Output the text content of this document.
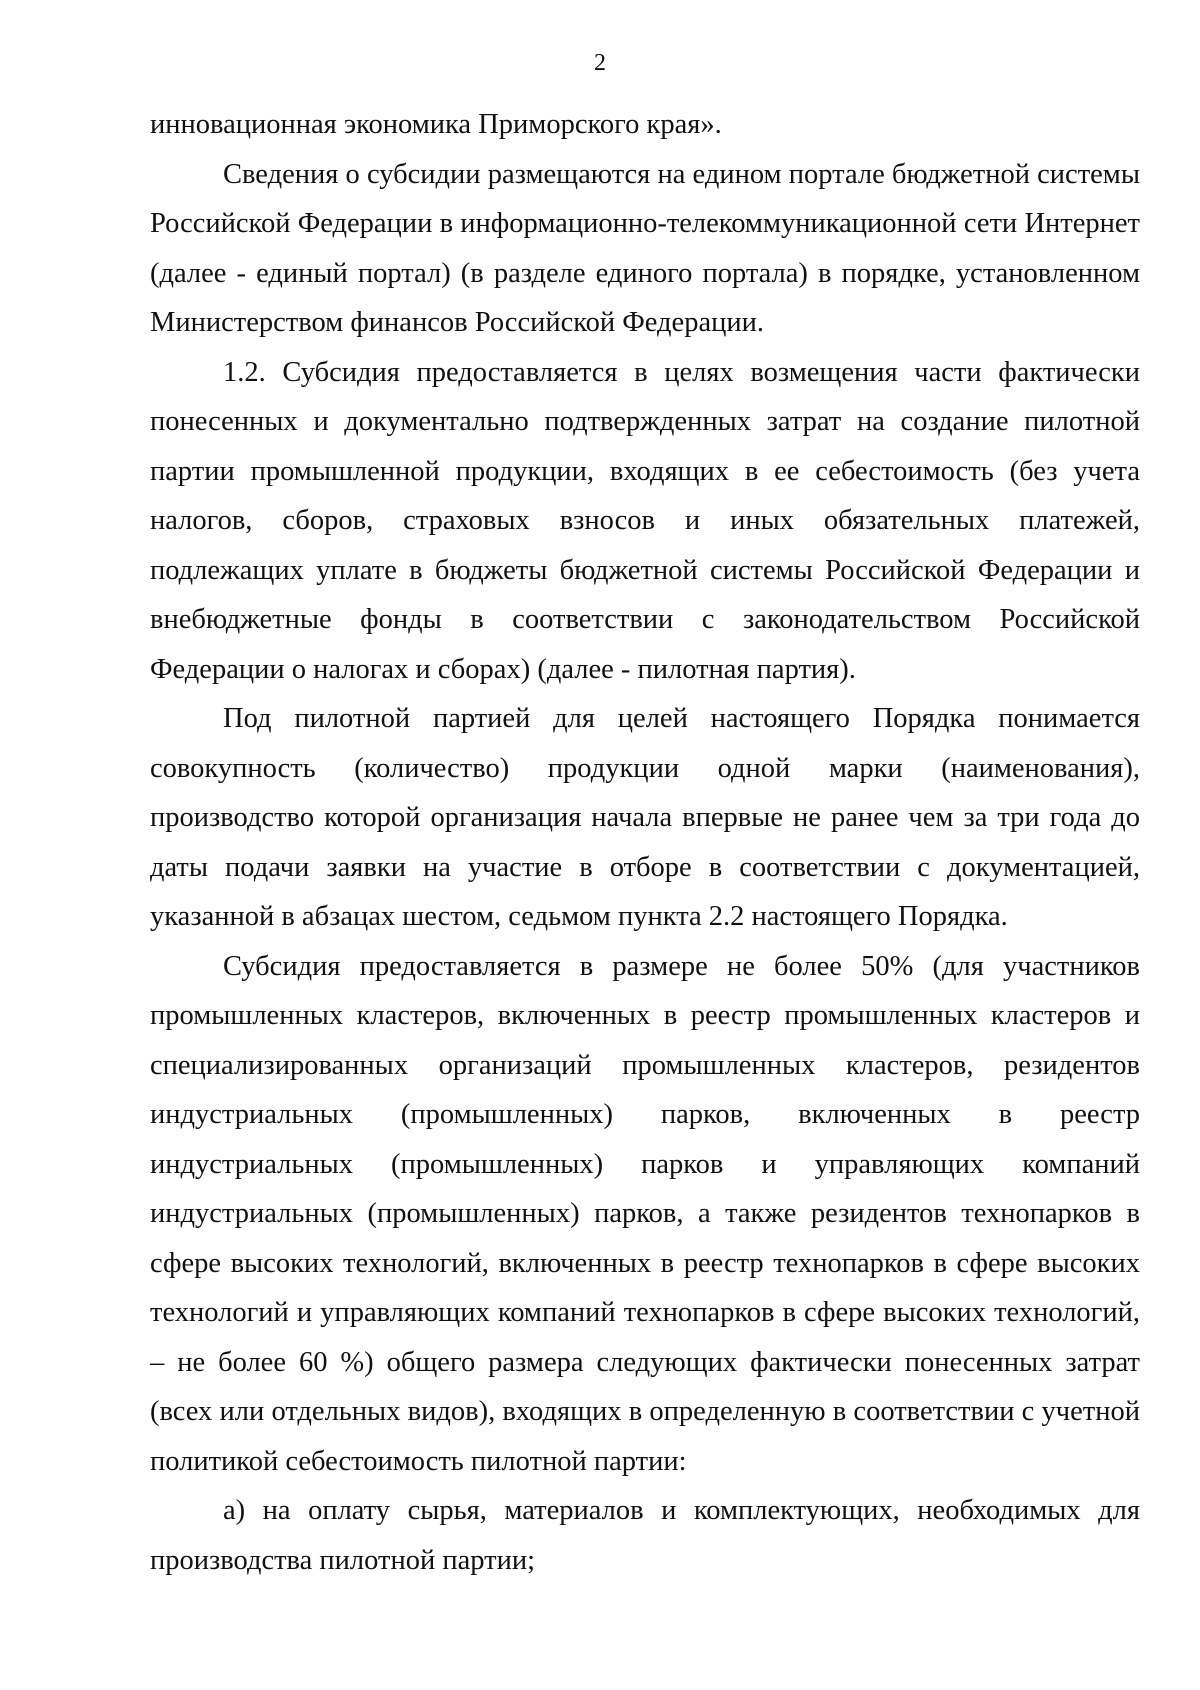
2

инновационная экономика Приморского края».

Сведения о субсидии размещаются на едином портале бюджетной системы Российской Федерации в информационно-телекоммуникационной сети Интернет (далее - единый портал) (в разделе единого портала) в порядке, установленном Министерством финансов Российской Федерации.

1.2. Субсидия предоставляется в целях возмещения части фактически понесенных и документально подтвержденных затрат на создание пилотной партии промышленной продукции, входящих в ее себестоимость (без учета налогов, сборов, страховых взносов и иных обязательных платежей, подлежащих уплате в бюджеты бюджетной системы Российской Федерации и внебюджетные фонды в соответствии с законодательством Российской Федерации о налогах и сборах) (далее - пилотная партия).

Под пилотной партией для целей настоящего Порядка понимается совокупность (количество) продукции одной марки (наименования), производство которой организация начала впервые не ранее чем за три года до даты подачи заявки на участие в отборе в соответствии с документацией, указанной в абзацах шестом, седьмом пункта 2.2 настоящего Порядка.

Субсидия предоставляется в размере не более 50% (для участников промышленных кластеров, включенных в реестр промышленных кластеров и специализированных организаций промышленных кластеров, резидентов индустриальных (промышленных) парков, включенных в реестр индустриальных (промышленных) парков и управляющих компаний индустриальных (промышленных) парков, а также резидентов технопарков в сфере высоких технологий, включенных в реестр технопарков в сфере высоких технологий и управляющих компаний технопарков в сфере высоких технологий, – не более 60 %) общего размера следующих фактически понесенных затрат (всех или отдельных видов), входящих в определенную в соответствии с учетной политикой себестоимость пилотной партии:

а) на оплату сырья, материалов и комплектующих, необходимых для производства пилотной партии;
